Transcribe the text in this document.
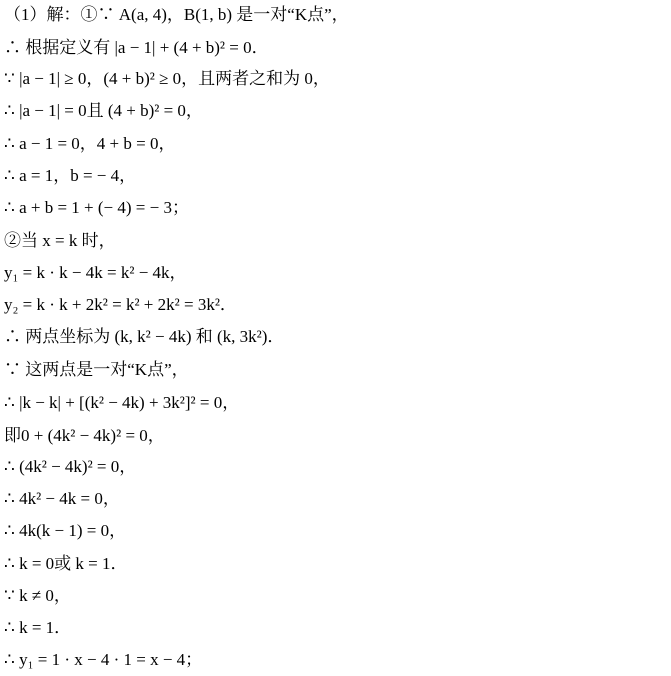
（1）解：①∵ A(a, 4)，B(1, b) 是一对“K点”，
∴ 根据定义有 |a − 1| + (4 + b)² = 0．
∵ |a − 1| ≥ 0，(4 + b)² ≥ 0，且两者之和为 0，
∴ |a − 1| = 0且 (4 + b)² = 0，
∴ a − 1 = 0，4 + b = 0，
∴ a = 1，b = − 4，
∴ a + b = 1 + (− 4) = − 3；
②当 x = k 时，
y₁ = k · k − 4k = k² − 4k，
y₂ = k · k + 2k² = k² + 2k² = 3k²．
∴ 两点坐标为 (k, k² − 4k) 和 (k, 3k²)．
∵ 这两点是一对“K点”，
∴ |k − k| + [(k² − 4k) + 3k²]² = 0，
即0 + (4k² − 4k)² = 0，
∴ (4k² − 4k)² = 0，
∴ 4k² − 4k = 0，
∴ 4k(k − 1) = 0，
∴ k = 0或 k = 1．
∵ k ≠ 0，
∴ k = 1．
∴ y₁ = 1 · x − 4 · 1 = x − 4；
